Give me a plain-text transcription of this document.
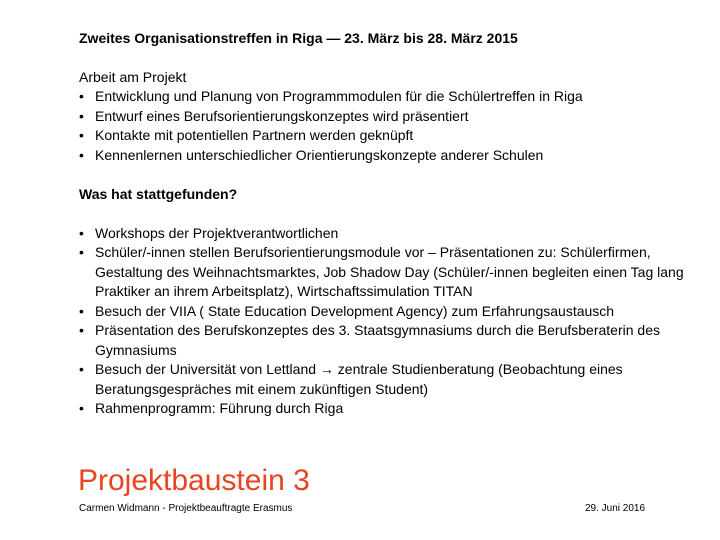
Zweites Organisationstreffen in Riga — 23. März bis 28. März 2015

Arbeit am Projekt

• Entwicklung und Planung von Programmmodulen für die Schülertreffen in Riga
• Entwurf eines Berufsorientierungskonzeptes wird präsentiert
• Kontakte mit potentiellen Partnern werden geknüpft
• Kennenlernen unterschiedlicher Orientierungskonzepte anderer Schulen

Was hat stattgefunden?

• Workshops der Projektverantwortlichen
• Schüler/-innen stellen Berufsorientierungsmodule vor – Präsentationen zu: Schülerfirmen, Gestaltung des Weihnachtsmarktes, Job Shadow Day (Schüler/-innen begleiten einen Tag lang Praktiker an ihrem Arbeitsplatz), Wirtschaftssimulation TITAN
• Besuch der VIIA ( State Education Development Agency) zum Erfahrungsaustausch
• Präsentation des Berufskonzeptes des 3. Staatsgymnasiums durch die Berufsberaterin des Gymnasiums
• Besuch der Universität von Lettland → zentrale Studienberatung (Beobachtung eines Beratungsgespräches mit einem zukünftigen Student)
• Rahmenprogramm: Führung durch Riga
Projektbaustein 3
Carmen Widmann - Projektbeauftragte Erasmus	29. Juni 2016
